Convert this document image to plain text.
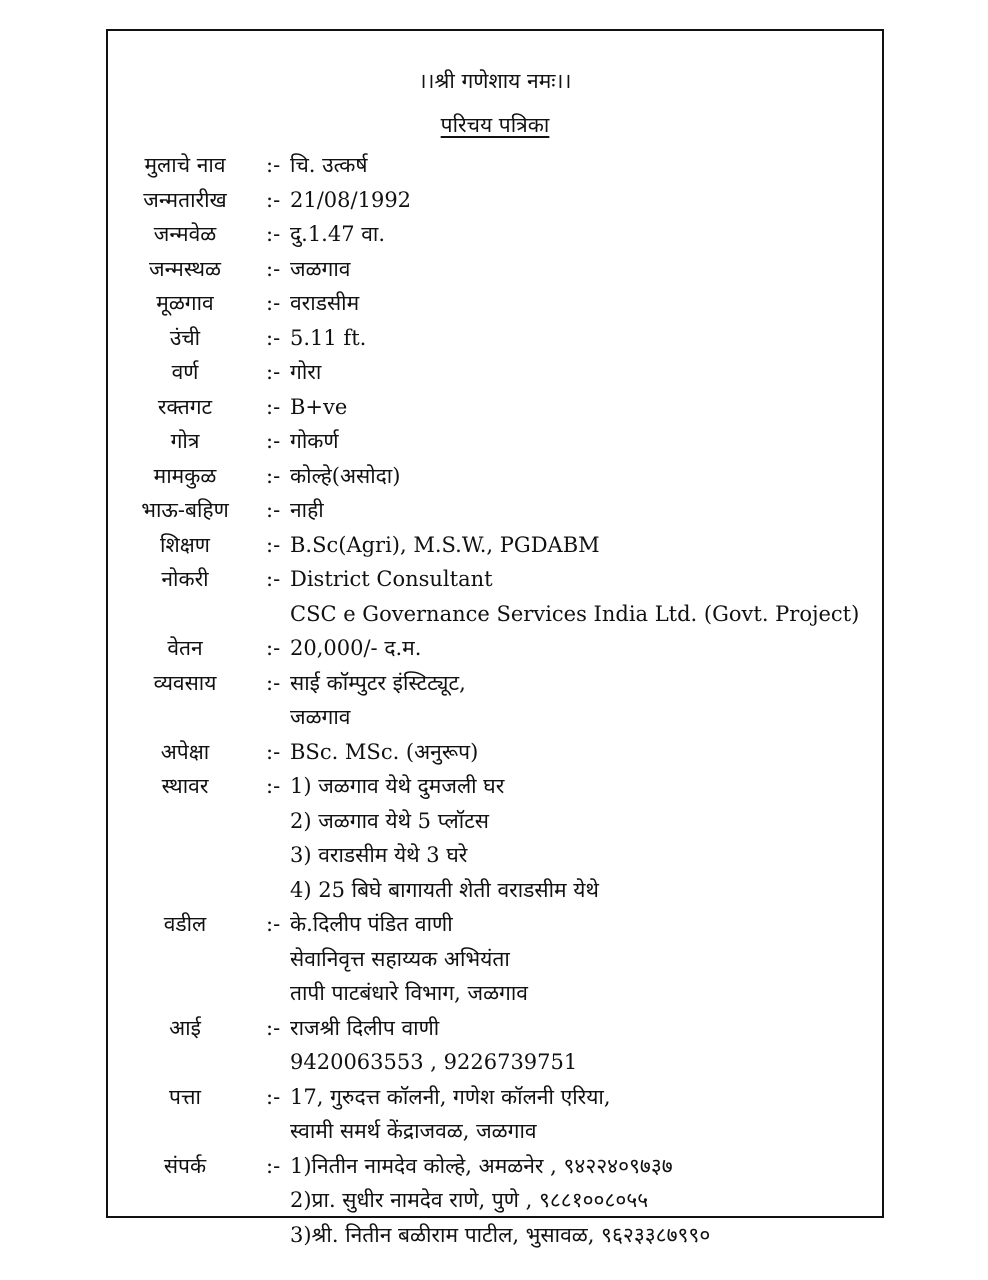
।।श्री गणेशाय नमः।।
परिचय पत्रिका
मुलाचे नाव	:- चि. उत्कर्ष
जन्मतारीख	:- 21/08/1992
जन्मवेळ	:- दु.1.47 वा.
जन्मस्थळ	:- जळगाव
मूळगाव	:- वराडसीम
उंची	:- 5.11 ft.
वर्ण	:- गोरा
रक्तगट	:- B+ve
गोत्र	:- गोकर्ण
मामकुळ	:- कोल्हे(असोदा)
भाऊ-बहिण	:- नाही
शिक्षण	:- B.Sc(Agri), M.S.W., PGDABM
नोकरी	:- District Consultant
CSC e Governance Services India Ltd. (Govt. Project)
वेतन	:- 20,000/- द.म.
व्यवसाय	:- साई कॉम्पुटर इंस्टिट्यूट,
जळगाव
अपेक्षा	:- BSc. MSc. (अनुरूप)
स्थावर	:- 1) जळगाव येथे दुमजली घर
2) जळगाव येथे 5 प्लॉटस
3) वराडसीम येथे 3 घरे
4) 25 बिघे बागायती शेती वराडसीम येथे
वडील	:- के.दिलीप पंडित वाणी
सेवानिवृत्त सहाय्यक अभियंता
तापी पाटबंधारे विभाग, जळगाव
आई	:- राजश्री दिलीप वाणी
9420063553 , 9226739751
पत्ता	:- 17, गुरुदत्त कॉलनी, गणेश कॉलनी एरिया,
स्वामी समर्थ केंद्राजवळ, जळगाव
संपर्क	:- 1)नितीन नामदेव कोल्हे, अमळनेर , ९४२२४०९७३७
2)प्रा. सुधीर नामदेव राणे, पुणे , ९८८१००८०५५
3)श्री. नितीन बळीराम पाटील, भुसावळ, ९६२३३८७९९०
